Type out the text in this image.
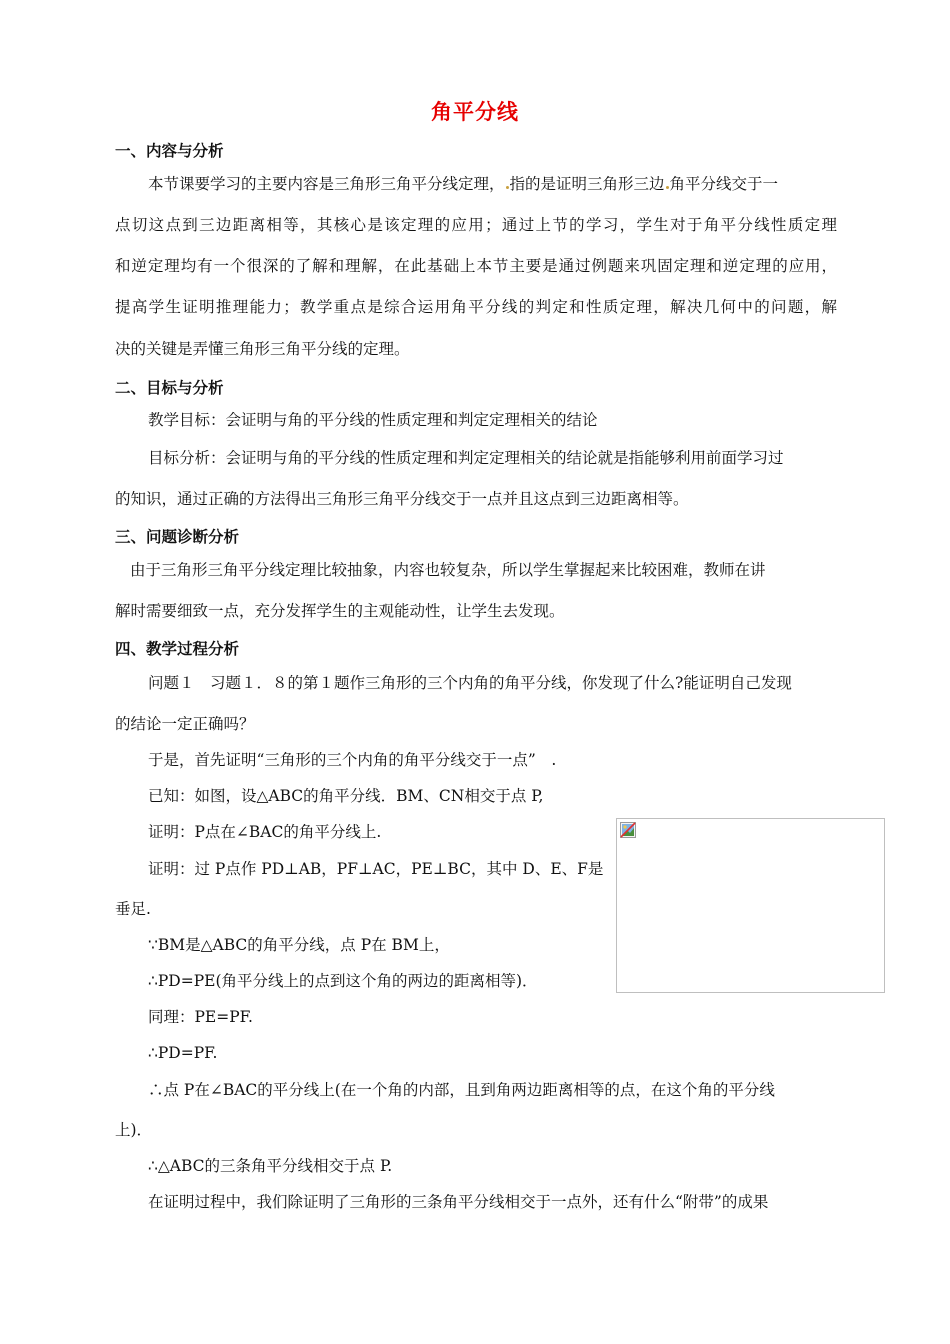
角平分线
一、内容与分析
本节课要学习的主要内容是三角形三角平分线定理， 指的是证明三角形三边 角平分线交于一
点切这点到三边距离相等，其核心是该定理的应用；通过上节的学习，学生对于角平分线性质定理
和逆定理均有一个很深的了解和理解，在此基础上本节主要是通过例题来巩固定理和逆定理的应用，
提高学生证明推理能力；教学重点是综合运用角平分线的判定和性质定理，解决几何中的问题，解
决的关键是弄懂三角形三角平分线的定理。
二、目标与分析
教学目标：会证明与角的平分线的性质定理和判定定理相关的结论
目标分析：会证明与角的平分线的性质定理和判定定理相关的结论就是指能够利用前面学习过
的知识，通过正确的方法得出三角形三角平分线交于一点并且这点到三边距离相等。
三、问题诊断分析
由于三角形三角平分线定理比较抽象，内容也较复杂，所以学生掌握起来比较困难，教师在讲
解时需要细致一点，充分发挥学生的主观能动性，让学生去发现。
四、教学过程分析
问题１　习题１．８的第１题作三角形的三个内角的角平分线，你发现了什么?能证明自己发现
的结论一定正确吗？
于是，首先证明“三角形的三个内角的角平分线交于一点”　.
已知：如图，设△ABC的角平分线．BM、CN相交于点 P,
证明：P点在∠BAC的角平分线上.
证明：过 P点作 PD⊥AB，PF⊥AC，PE⊥BC，其中 D、E、F是
垂足.
∵BM是△ABC的角平分线，点 P在 BM上，
∴PD=PE(角平分线上的点到这个角的两边的距离相等)．
同理：PE=PF.
∴PD=PF.
∴点 P在∠BAC的平分线上(在一个角的内部，且到角两边距离相等的点，在这个角的平分线
上)．
∴△ABC的三条角平分线相交于点 P.
在证明过程中，我们除证明了三角形的三条角平分线相交于一点外，还有什么“附带”的成果
